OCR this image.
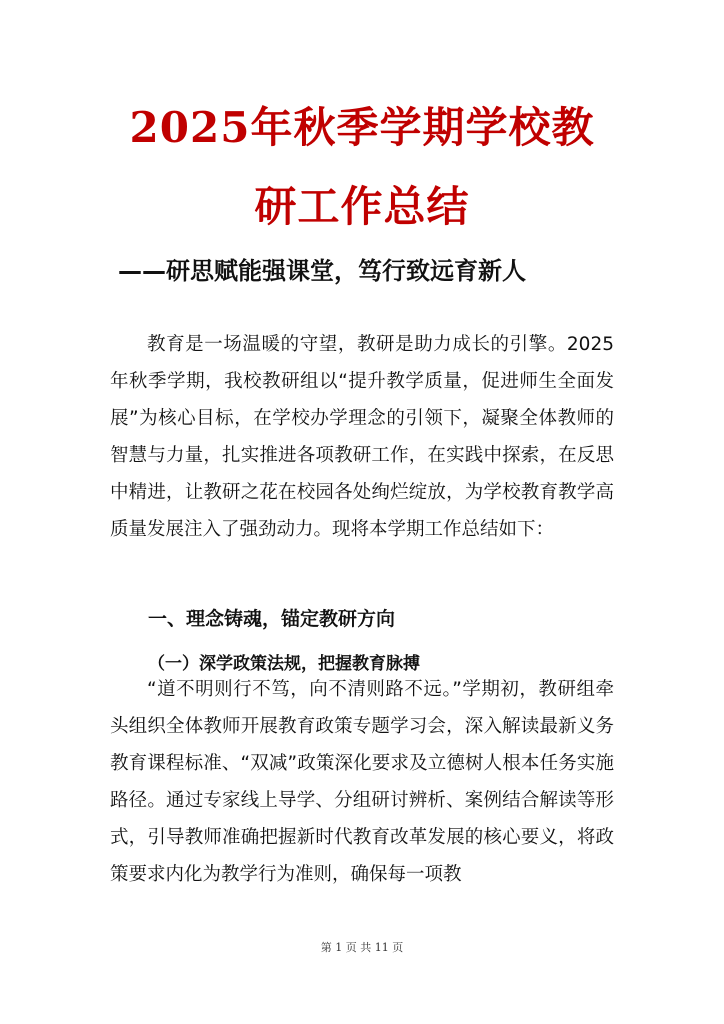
2025年秋季学期学校教
研工作总结
——研思赋能强课堂，笃行致远育新人

教育是一场温暖的守望，教研是助力成长的引擎。2025年秋季学期，我校教研组以“提升教学质量，促进师生全面发展”为核心目标，在学校办学理念的引领下，凝聚全体教师的智慧与力量，扎实推进各项教研工作，在实践中探索，在反思中精进，让教研之花在校园各处绚烂绽放，为学校教育教学高质量发展注入了强劲动力。现将本学期工作总结如下：

一、理念铸魂，锚定教研方向
（一）深学政策法规，把握教育脉搏

“道不明则行不笃，向不清则路不远。”学期初，教研组牵头组织全体教师开展教育政策专题学习会，深入解读最新义务教育课程标准、“双减”政策深化要求及立德树人根本任务实施路径。通过专家线上导学、分组研讨辨析、案例结合解读等形式，引导教师准确把握新时代教育改革发展的核心要义，将政策要求内化为教学行为准则，确保每一项教

第 1 页 共 11 页
